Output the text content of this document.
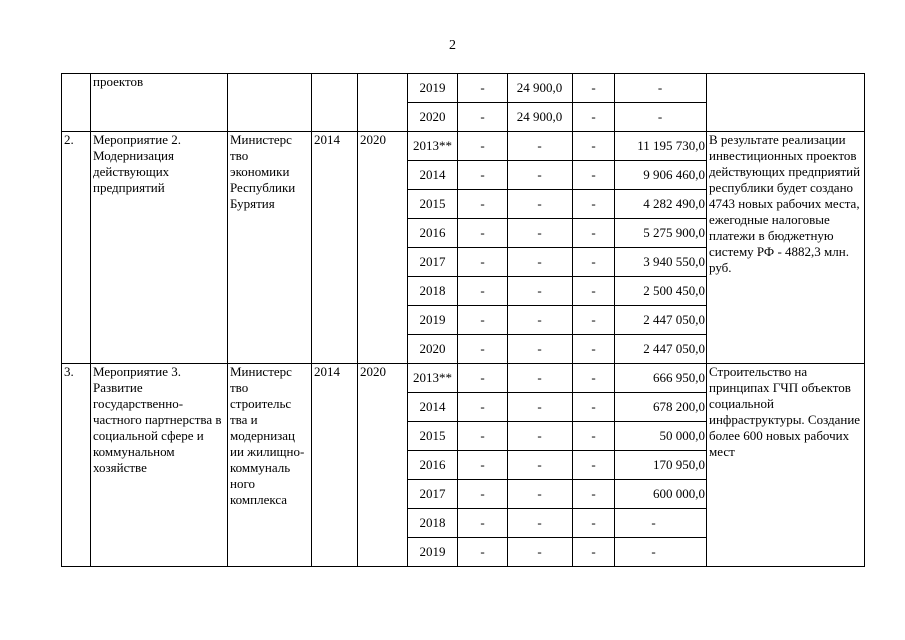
2
	проектов				2019	-	24 900,0	-	-	
					2020	-	24 900,0	-	-	
2.	Мероприятие 2. Модернизация действующих предприятий	Министерс тво экономики Республики Бурятия	2014	2020	2013**	-	-	-	11 195 730,0	В результате реализации инвестиционных проектов действующих предприятий республики будет создано 4743 новых рабочих места, ежегодные налоговые платежи в бюджетную систему РФ - 4882,3 млн. руб.
					2014	-	-	-	9 906 460,0	
					2015	-	-	-	4 282 490,0	
					2016	-	-	-	5 275 900,0	
					2017	-	-	-	3 940 550,0	
					2018	-	-	-	2 500 450,0	
					2019	-	-	-	2 447 050,0	
					2020	-	-	-	2 447 050,0	
3.	Мероприятие 3. Развитие государственно-частного партнерства в социальной сфере и коммунальном хозяйстве	Министерс тво строительс тва и модернизац ии жилищно-коммуналь ного комплекса	2014	2020	2013**	-	-	-	666 950,0	Строительство на принципах ГЧП объектов социальной инфраструктуры. Создание более 600 новых рабочих мест
					2014	-	-	-	678 200,0	
					2015	-	-	-	50 000,0	
					2016	-	-	-	170 950,0	
					2017	-	-	-	600 000,0	
					2018	-	-	-	-	
					2019	-	-	-	-	
